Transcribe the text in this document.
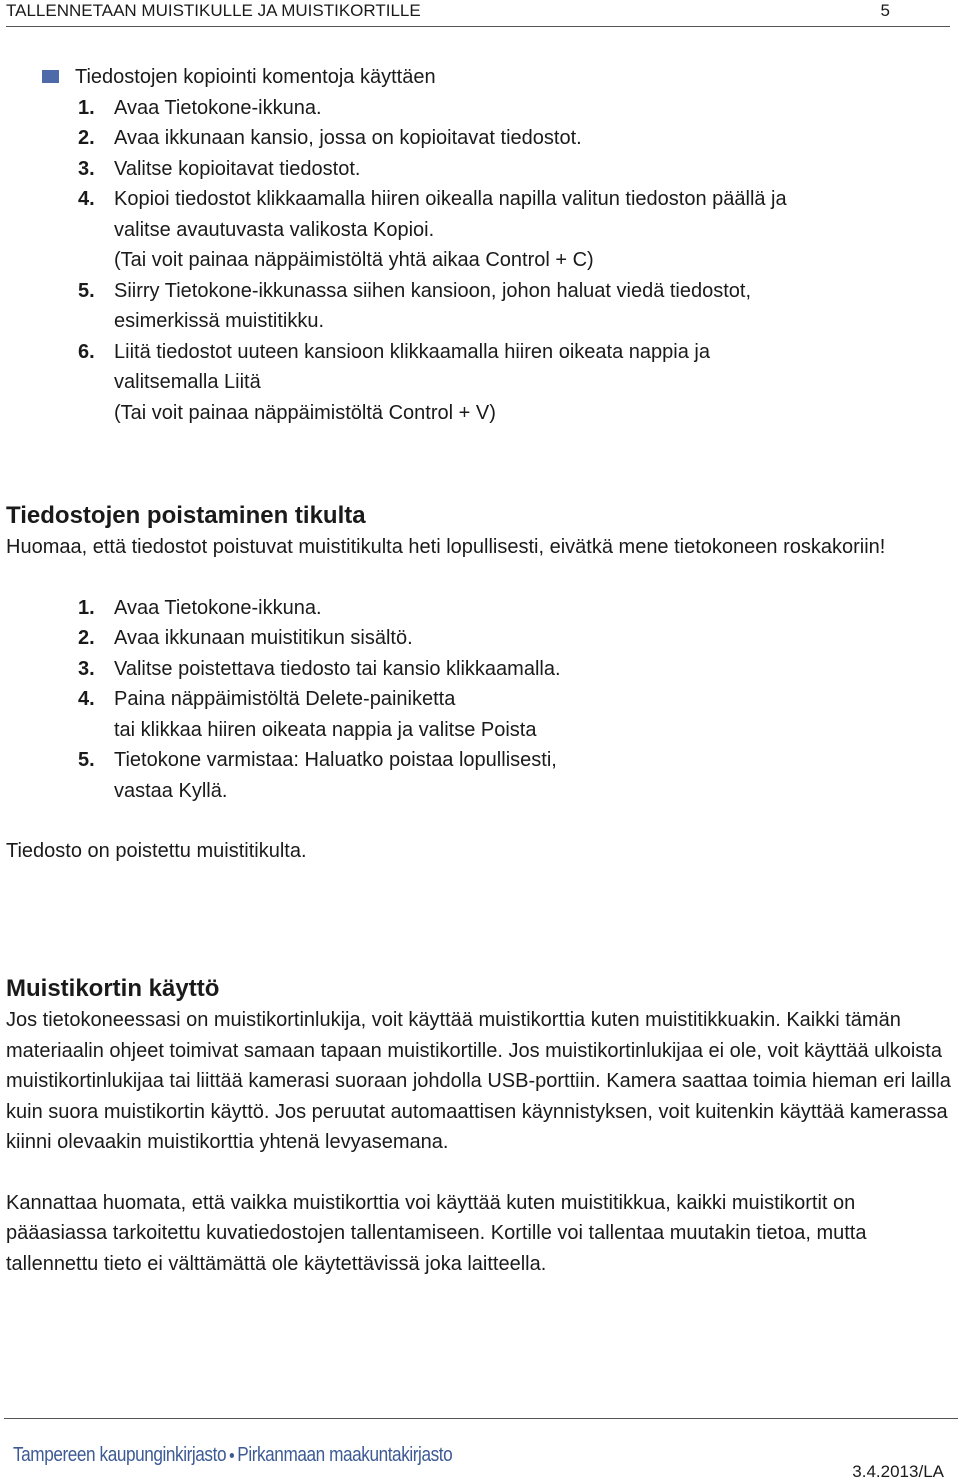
TALLENNETAAN MUISTIKULLE JA MUISTIKORTILLE	5
Tiedostojen kopiointi komentoja käyttäen
1. Avaa Tietokone-ikkuna.
2. Avaa ikkunaan kansio, jossa on kopioitavat tiedostot.
3. Valitse kopioitavat tiedostot.
4. Kopioi tiedostot klikkaamalla hiiren oikealla napilla valitun tiedoston päällä ja
valitse avautuvasta valikosta Kopioi.
(Tai voit painaa näppäimistöltä yhtä aikaa Control + C)
5. Siirry Tietokone-ikkunassa siihen kansioon, johon haluat viedä tiedostot,
esimerkissä muistitikku.
6. Liitä tiedostot uuteen kansioon klikkaamalla hiiren oikeata nappia ja
valitsemalla Liitä
(Tai voit painaa näppäimistöltä Control + V)
Tiedostojen poistaminen tikulta

Huomaa, että tiedostot poistuvat muistitikulta heti lopullisesti, eivätkä mene tietokoneen roskakoriin!

1. Avaa Tietokone-ikkuna.
2. Avaa ikkunaan muistitikun sisältö.
3. Valitse poistettava tiedosto tai kansio klikkaamalla.
4. Paina näppäimistöltä Delete-painiketta
tai klikkaa hiiren oikeata nappia ja valitse Poista
5. Tietokone varmistaa: Haluatko poistaa lopullisesti,
vastaa Kyllä.

Tiedosto on poistettu muistitikulta.

Muistikortin käyttö

Jos tietokoneessasi on muistikortinlukija, voit käyttää muistikorttia kuten muistitikkuakin. Kaikki tämän materiaalin ohjeet toimivat samaan tapaan muistikortille. Jos muistikortinlukijaa ei ole, voit käyttää ulkoista muistikortinlukijaa tai liittää kamerasi suoraan johdolla USB-porttiin. Kamera saattaa toimia hieman eri lailla kuin suora muistikortin käyttö. Jos peruutat automaattisen käynnistyksen, voit kuitenkin käyttää kamerassa kiinni olevaakin muistikorttia yhtenä levyasemana.

Kannattaa huomata, että vaikka muistikorttia voi käyttää kuten muistitikkua, kaikki muistikortit on pääasiassa tarkoitettu kuvatiedostojen tallentamiseen. Kortille voi tallentaa muutakin tietoa, mutta tallennettu tieto ei välttämättä ole käytettävissä joka laitteella.

Tampereen kaupunginkirjasto Pirkanmaan maakuntakirjasto
3.4.2013/LA
